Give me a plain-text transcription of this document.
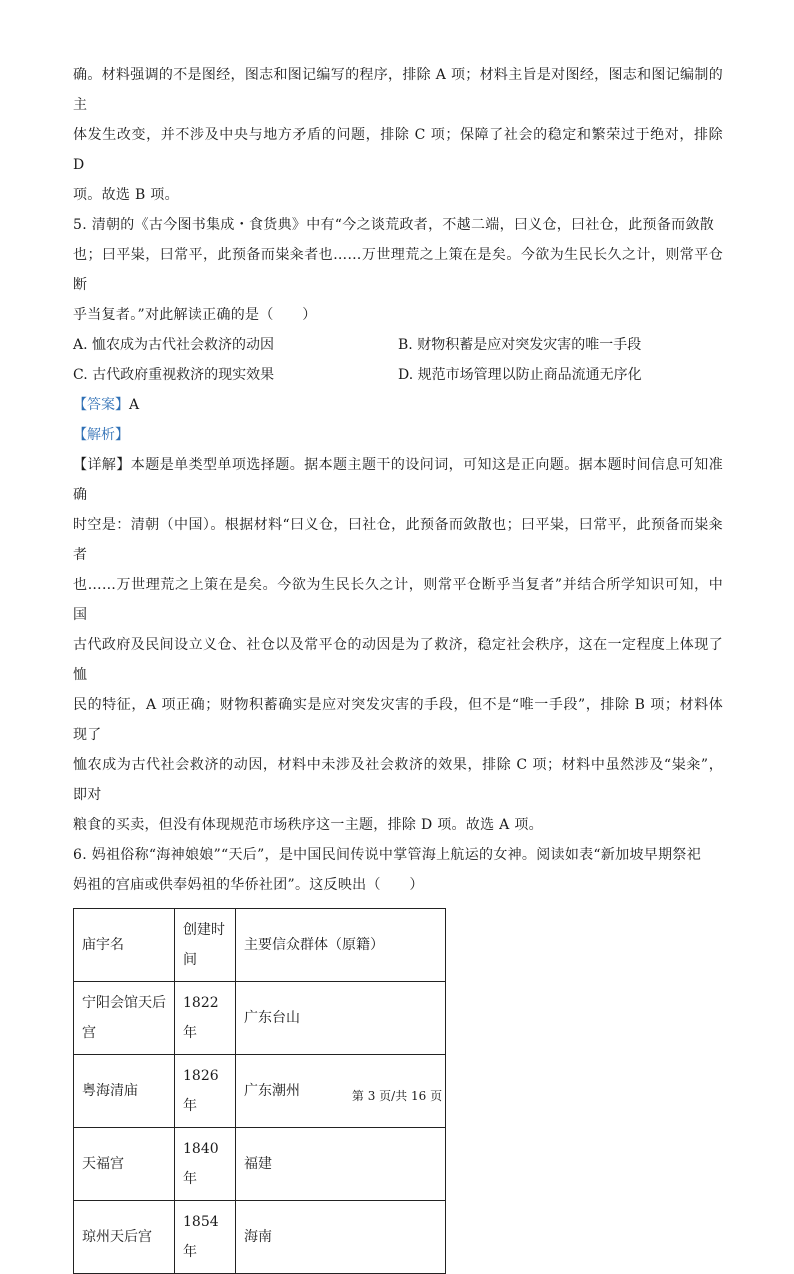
确。材料强调的不是图经，图志和图记编写的程序，排除 A 项；材料主旨是对图经，图志和图记编制的主

体发生改变，并不涉及中央与地方矛盾的问题，排除 C 项；保障了社会的稳定和繁荣过于绝对，排除 D

项。故选 B 项。

5. 清朝的《古今图书集成・食货典》中有“今之谈荒政者，不越二端，曰义仓，曰社仓，此预备而敛散

也；曰平粜，曰常平，此预备而粜籴者也……万世理荒之上策在是矣。今欲为生民长久之计，则常平仓断

乎当复者。”对此解读正确的是（　　）

A. 恤农成为古代社会救济的动因	B. 财物积蓄是应对突发灾害的唯一手段

C. 古代政府重视救济的现实效果	D. 规范市场管理以防止商品流通无序化

【答案】A

【解析】

【详解】本题是单类型单项选择题。据本题主题干的设问词，可知这是正向题。据本题时间信息可知准确

时空是：清朝（中国）。根据材料“曰义仓，曰社仓，此预备而敛散也；曰平粜，曰常平，此预备而粜籴者

也……万世理荒之上策在是矣。今欲为生民长久之计，则常平仓断乎当复者”并结合所学知识可知，中国

古代政府及民间设立义仓、社仓以及常平仓的动因是为了救济，稳定社会秩序，这在一定程度上体现了恤

民的特征，A 项正确；财物积蓄确实是应对突发灾害的手段，但不是“唯一手段”，排除 B 项；材料体现了

恤农成为古代社会救济的动因，材料中未涉及社会救济的效果，排除 C 项；材料中虽然涉及“粜籴”，即对

粮食的买卖，但没有体现规范市场秩序这一主题，排除 D 项。故选 A 项。

6. 妈祖俗称“海神娘娘”“天后”，是中国民间传说中掌管海上航运的女神。阅读如表“新加坡早期祭祀

妈祖的宫庙或供奉妈祖的华侨社团”。这反映出（　　）

庙宇名	创建时间	主要信众群体（原籍）
宁阳会馆天后宫	1822年	广东台山
粤海清庙	1826年	广东潮州
天福宫	1840年	福建
琼州天后宫	1854年	海南
第 3 页/共 16 页
